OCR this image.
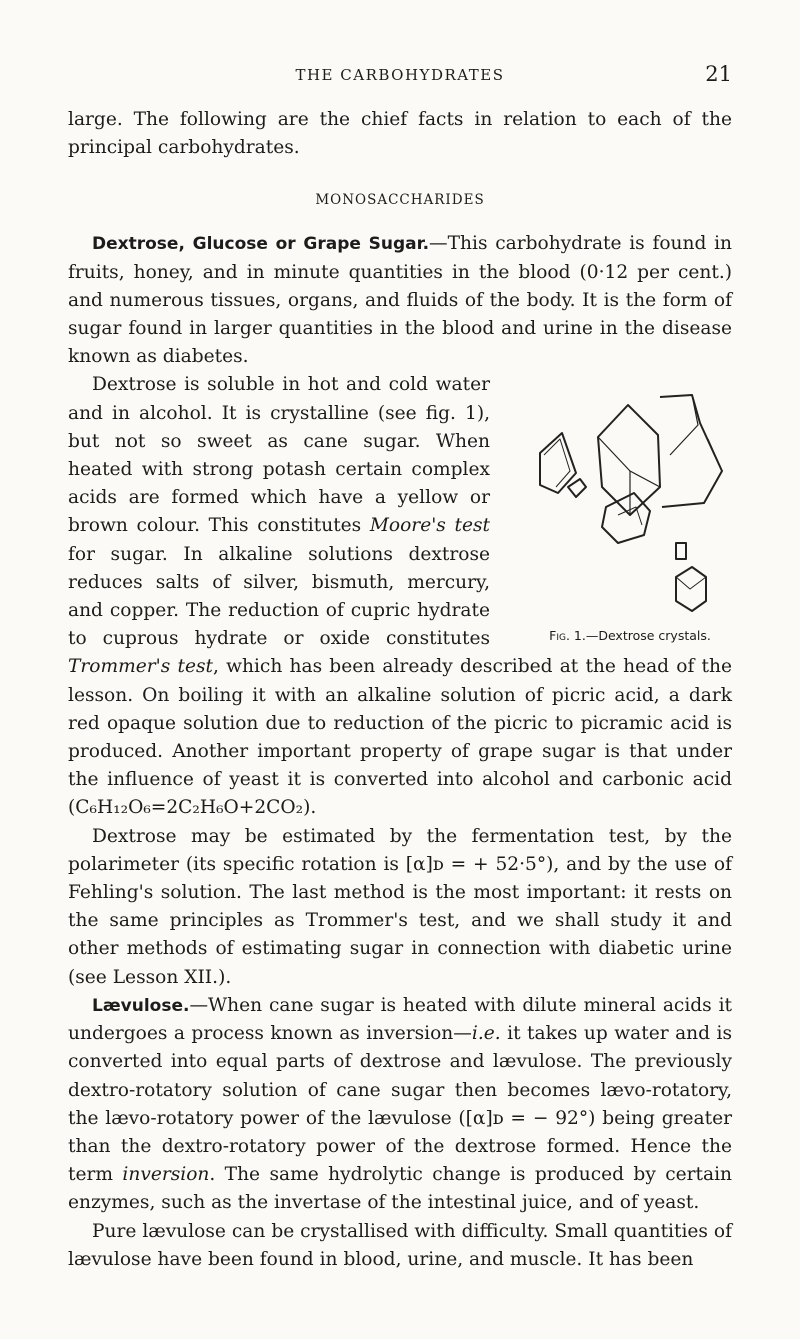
THE CARBOHYDRATES	21

large. The following are the chief facts in relation to each of the principal carbohydrates.

MONOSACCHARIDES
Dextrose, Glucose or Grape Sugar.—This carbohydrate is found in fruits, honey, and in minute quantities in the blood (0·12 per cent.) and numerous tissues, organs, and fluids of the body. It is the form of sugar found in larger quantities in the blood and urine in the disease known as diabetes.
Fig. 1.—Dextrose crystals.
Dextrose is soluble in hot and cold water and in alcohol. It is crystalline (see fig. 1), but not so sweet as cane sugar. When heated with strong potash certain complex acids are formed which have a yellow or brown colour. This constitutes Moore's test for sugar. In alkaline solutions dextrose reduces salts of silver, bismuth, mercury, and copper. The reduction of cupric hydrate to cuprous hydrate or oxide constitutes Trommer's test, which has been already described at the head of the lesson. On boiling it with an alkaline solution of picric acid, a dark red opaque solution due to reduction of the picric to picramic acid is produced. Another important property of grape sugar is that under the influence of yeast it is converted into alcohol and carbonic acid (C₆H₁₂O₆=2C₂H₆O+2CO₂).

Dextrose may be estimated by the fermentation test, by the polarimeter (its specific rotation is [α]ᴅ = + 52·5°), and by the use of Fehling's solution. The last method is the most important: it rests on the same principles as Trommer's test, and we shall study it and other methods of estimating sugar in connection with diabetic urine (see Lesson XII.).

Lævulose.—When cane sugar is heated with dilute mineral acids it undergoes a process known as inversion—i.e. it takes up water and is converted into equal parts of dextrose and lævulose. The previously dextro-rotatory solution of cane sugar then becomes lævo-rotatory, the lævo-rotatory power of the lævulose ([α]ᴅ = − 92°) being greater than the dextro-rotatory power of the dextrose formed. Hence the term inversion. The same hydrolytic change is produced by certain enzymes, such as the invertase of the intestinal juice, and of yeast.

Pure lævulose can be crystallised with difficulty. Small quantities of lævulose have been found in blood, urine, and muscle. It has been
